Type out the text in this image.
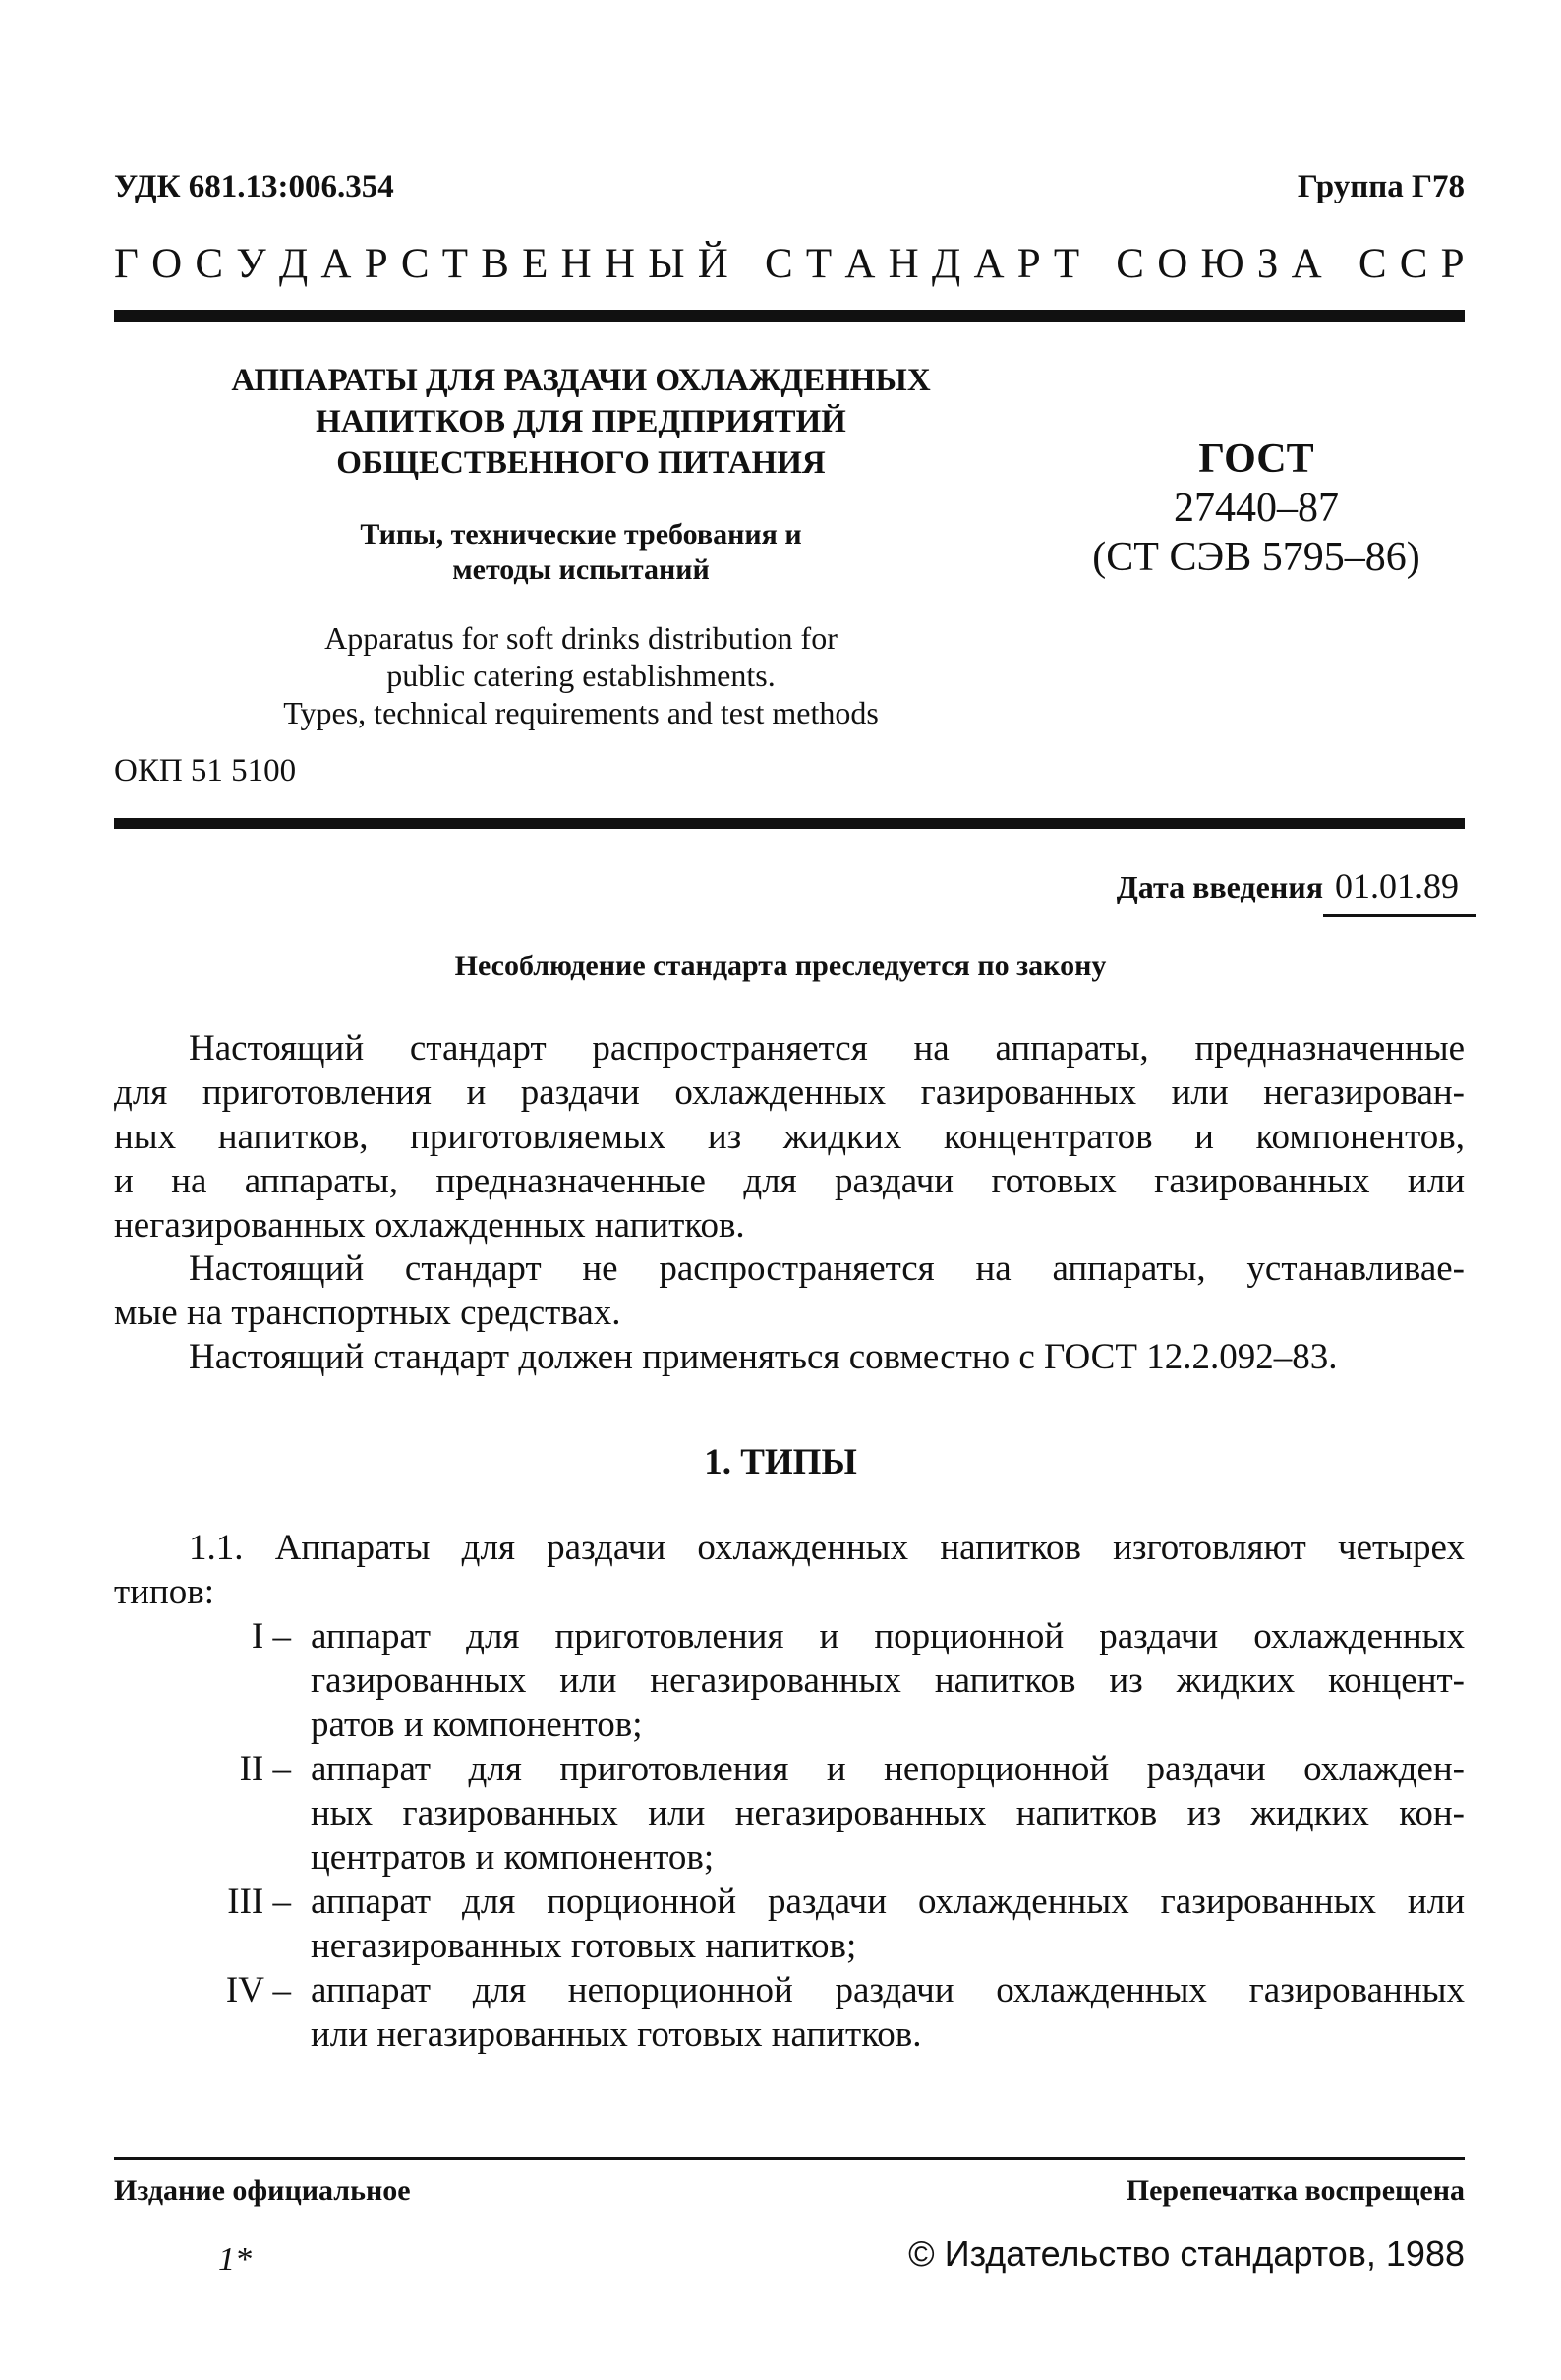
УДК 681.13:006.354	Группа Г78
Г О С У Д А Р С Т В Е Н Н Ы Й
С Т А Н Д А Р Т
С О Ю З А
С С Р
АППАРАТЫ ДЛЯ РАЗДАЧИ ОХЛАЖДЕННЫХ
НАПИТКОВ ДЛЯ ПРЕДПРИЯТИЙ
ОБЩЕСТВЕННОГО ПИТАНИЯ
Типы, технические требования и
методы испытаний
Apparatus for soft drinks distribution for
public catering establishments.
Types, technical requirements and test methods
ГОСТ
27440–87
(СТ СЭВ 5795–86)
ОКП 51 5100
Дата введения 01.01.89
Несоблюдение стандарта преследуется по закону
Настоящий стандарт распространяется на аппараты, предназначенные
для приготовления и раздачи охлажденных газированных или негазирован-
ных напитков, приготовляемых из жидких концентратов и компонентов,
и на аппараты, предназначенные для раздачи готовых газированных или
негазированных охлажденных напитков.
Настоящий стандарт не распространяется на аппараты, устанавливае-
мые на транспортных средствах.
Настоящий стандарт должен применяться совместно с ГОСТ 12.2.092–83.
1. ТИПЫ
1.1. Аппараты для раздачи охлажденных напитков изготовляют четырех
типов:
I – аппарат для приготовления и порционной раздачи охлажденных
газированных или негазированных напитков из жидких концент-
ратов и компонентов;
II – аппарат для приготовления и непорционной раздачи охлажден-
ных газированных или негазированных напитков из жидких кон-
центратов и компонентов;
III – аппарат для порционной раздачи охлажденных газированных или
негазированных готовых напитков;
IV – аппарат для непорционной раздачи охлажденных газированных
или негазированных готовых напитков.
Издание официальное	Перепечатка воспрещена
1*	© Издательство стандартов, 1988
